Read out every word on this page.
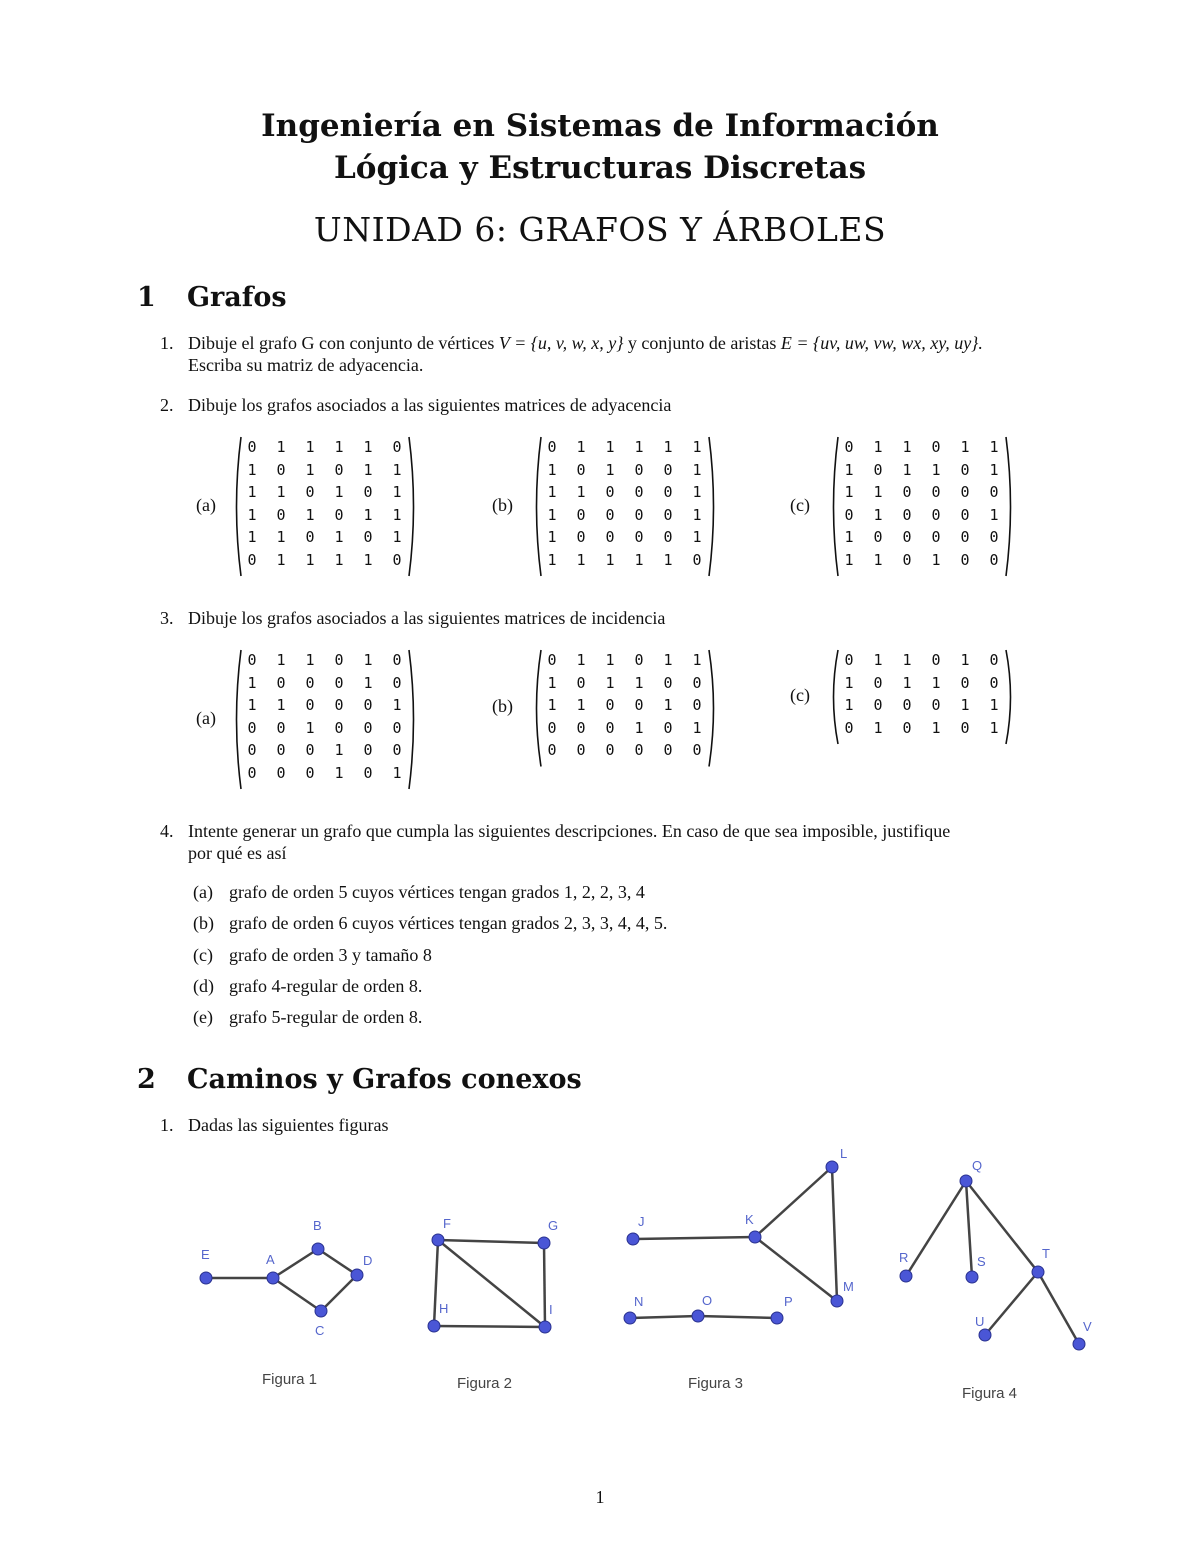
Ingeniería en Sistemas de Información
Lógica y Estructuras Discretas
UNIDAD 6: GRAFOS Y ÁRBOLES
1 Grafos
1. Dibuje el grafo G con conjunto de vértices V = {u, v, w, x, y} y conjunto de aristas E = {uv, uw, vw, wx, xy, uy}.
Escriba su matriz de adyacencia.
2. Dibuje los grafos asociados a las siguientes matrices de adyacencia
(a)
0	1	1	1	1	0
1	0	1	0	1	1
1	1	0	1	0	1
1	0	1	0	1	1
1	1	0	1	0	1
0	1	1	1	1	0
(b)
0	1	1	1	1	1
1	0	1	0	0	1
1	1	0	0	0	1
1	0	0	0	0	1
1	0	0	0	0	1
1	1	1	1	1	0
(c)
0	1	1	0	1	1
1	0	1	1	0	1
1	1	0	0	0	0
0	1	0	0	0	1
1	0	0	0	0	0
1	1	0	1	0	0
3. Dibuje los grafos asociados a las siguientes matrices de incidencia
(a)
0	1	1	0	1	0
1	0	0	0	1	0
1	1	0	0	0	1
0	0	1	0	0	0
0	0	0	1	0	0
0	0	0	1	0	1
(b)
0	1	1	0	1	1
1	0	1	1	0	0
1	1	0	0	1	0
0	0	0	1	0	1
0	0	0	0	0	0
(c)
0	1	1	0	1	0
1	0	1	1	0	0
1	0	0	0	1	1
0	1	0	1	0	1
4. Intente generar un grafo que cumpla las siguientes descripciones. En caso de que sea imposible, justifique
por qué es así
(a) grafo de orden 5 cuyos vértices tengan grados 1, 2, 2, 3, 4
(b) grafo de orden 6 cuyos vértices tengan grados 2, 3, 3, 4, 4, 5.
(c) grafo de orden 3 y tamaño 8
(d) grafo 4-regular de orden 8.
(e) grafo 5-regular de orden 8.
2 Caminos y Grafos conexos
1. Dadas las siguientes figuras
E	A
B
D
C
F	G
H	I
J	K
L
M
N	O	P
Q
R	S
T
U	V
Figura 1	Figura 2	Figura 3
Figura 4
1
